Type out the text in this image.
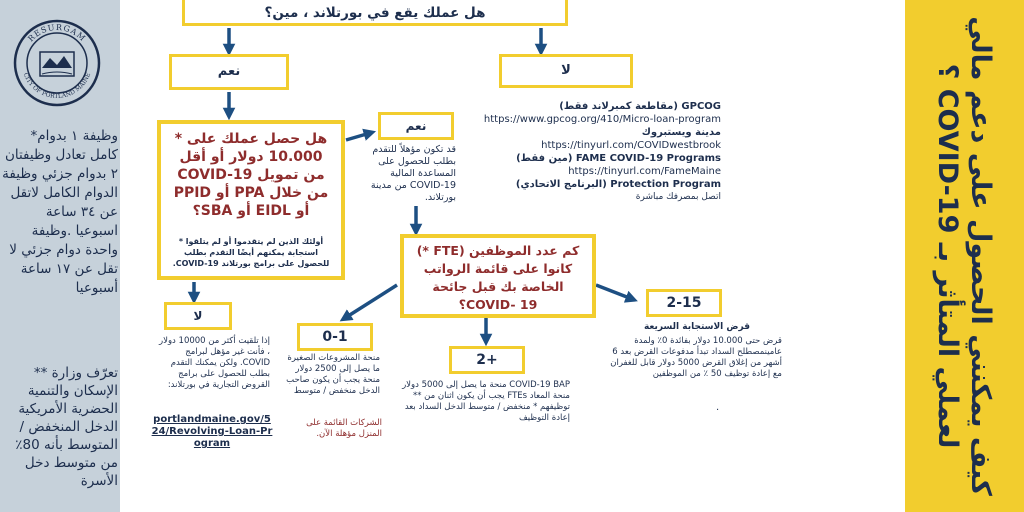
RESURGAM
CITY OF PORTLAND MAINE
وظيفة ١ بدوام* كامل تعادل وظيفتان ٢ بدوام جزئي وظيفة الدوام الكامل لاتقل عن ٣٤ ساعة اسبوعيا .وظيفة واحدة دوام جزئي لا تقل عن ١٧ ساعة أسبوعيا
تعرّف وزارة ** الإسكان والتنمية الحضرية الأمريكية الدخل المنخفض / المتوسط بأنه 80٪ من متوسط دخل الأسرة	كيف يمكنني الحصول على دعم مالي لعملي المتأثر بـ COVID-19 ؟
هل عملك يقع في بورتلاند ، مين؟
نعم	لا
GPCOG (مقاطعة كمبرلاند فقط)
https://www.gpcog.org/410/Micro-loan-program
مدينة ويستبروك
https://tinyurl.com/COVIDwestbrook
FAME COVID-19 Programs (مين فقط)
https://tinyurl.com/FameMaine
Protection Program (البرنامج الاتحادي)
اتصل بمصرفك مباشرة
هل حصل عملك على * 10.000 دولار أو أقل من تمويل COVID-19 من خلال PPA أو PPID أو EIDL أو SBA؟
أولئك الذين لم يتقدموا أو لم يتلقوا * استجابة يمكنهم أيضًا التقدم بطلب للحصول على برامج بورتلاند COVID-19.
نعم
قد تكون مؤهلاً للتقدم بطلب للحصول على المساعدة المالية COVID-19 من مدينة بورتلاند.
لا
إذا تلقيت أكثر من 10000 دولار ، فأنت غير مؤهل لبرامج COVID. ولكن يمكنك التقدم بطلب للحصول على برامج القروض التجارية في بورتلاند:
portlandmaine.gov/524/Revolving-Loan-Program
كم عدد الموظفين (FTE *) كانوا على قائمة الرواتب الخاصة بك قبل جائحة COVID- 19؟
0-1
منحة المشروعات الصغيرة ما يصل إلى 2500 دولار منحة يجب أن يكون صاحب الدخل منخفض / متوسط
الشركات القائمة على المنزل مؤهلة الآن.
2+
COVID-19 BAP منحة ما يصل إلى 5000 دولار منحة المعاد FTEs يجب أن يكون اثنان من ** توظيفهم * منخفض / متوسط الدخل السداد بعد إعادة التوظيف
2-15
قرض الاستجابة السريعة
قرض حتى 10.000 دولار بفائدة 0٪ ولمدة عامينمصطلح السداد تبدأ مدفوعات القرض بعد 6 أشهر من إغلاق القرض 5000 دولار قابل للغفران مع إعادة توظيف 50 ٪ من الموظفين
.
